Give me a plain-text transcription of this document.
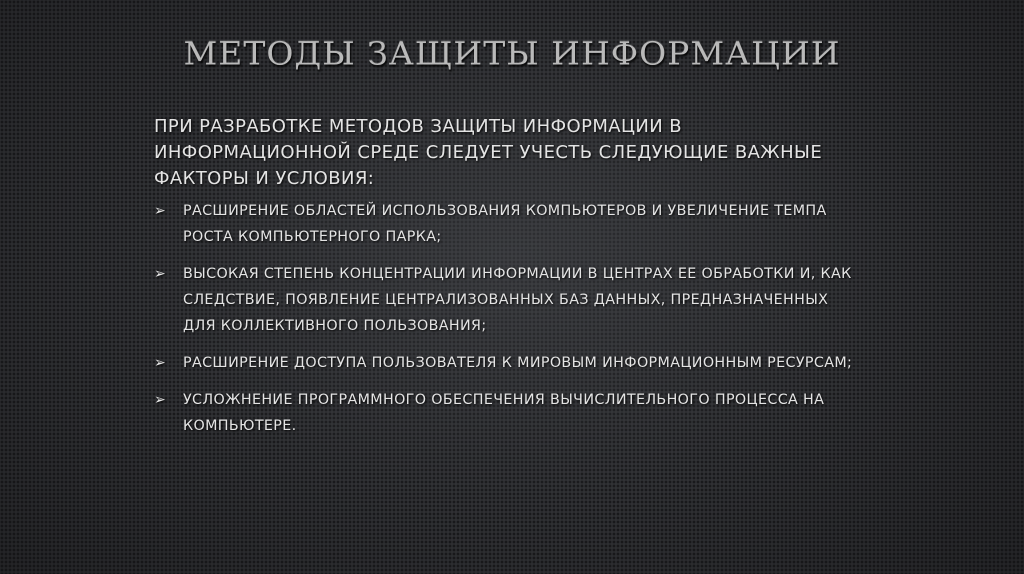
МЕТОДЫ ЗАЩИТЫ ИНФОРМАЦИИ

ПРИ РАЗРАБОТКЕ МЕТОДОВ ЗАЩИТЫ ИНФОРМАЦИИ В ИНФОРМАЦИОННОЙ СРЕДЕ СЛЕДУЕТ УЧЕСТЬ СЛЕДУЮЩИЕ ВАЖНЫЕ ФАКТОРЫ И УСЛОВИЯ:

➢ РАСШИРЕНИЕ ОБЛАСТЕЙ ИСПОЛЬЗОВАНИЯ КОМПЬЮТЕРОВ И УВЕЛИЧЕНИЕ ТЕМПА РОСТА КОМПЬЮТЕРНОГО ПАРКА;
➢ ВЫСОКАЯ СТЕПЕНЬ КОНЦЕНТРАЦИИ ИНФОРМАЦИИ В ЦЕНТРАХ ЕЕ ОБРАБОТКИ И, КАК СЛЕДСТВИЕ, ПОЯВЛЕНИЕ ЦЕНТРАЛИЗОВАННЫХ БАЗ ДАННЫХ, ПРЕДНАЗНАЧЕННЫХ ДЛЯ КОЛЛЕКТИВНОГО ПОЛЬЗОВАНИЯ;
➢ РАСШИРЕНИЕ ДОСТУПА ПОЛЬЗОВАТЕЛЯ К МИРОВЫМ ИНФОРМАЦИОННЫМ РЕСУРСАМ;
➢ УСЛОЖНЕНИЕ ПРОГРАММНОГО ОБЕСПЕЧЕНИЯ ВЫЧИСЛИТЕЛЬНОГО ПРОЦЕССА НА КОМПЬЮТЕРЕ.
